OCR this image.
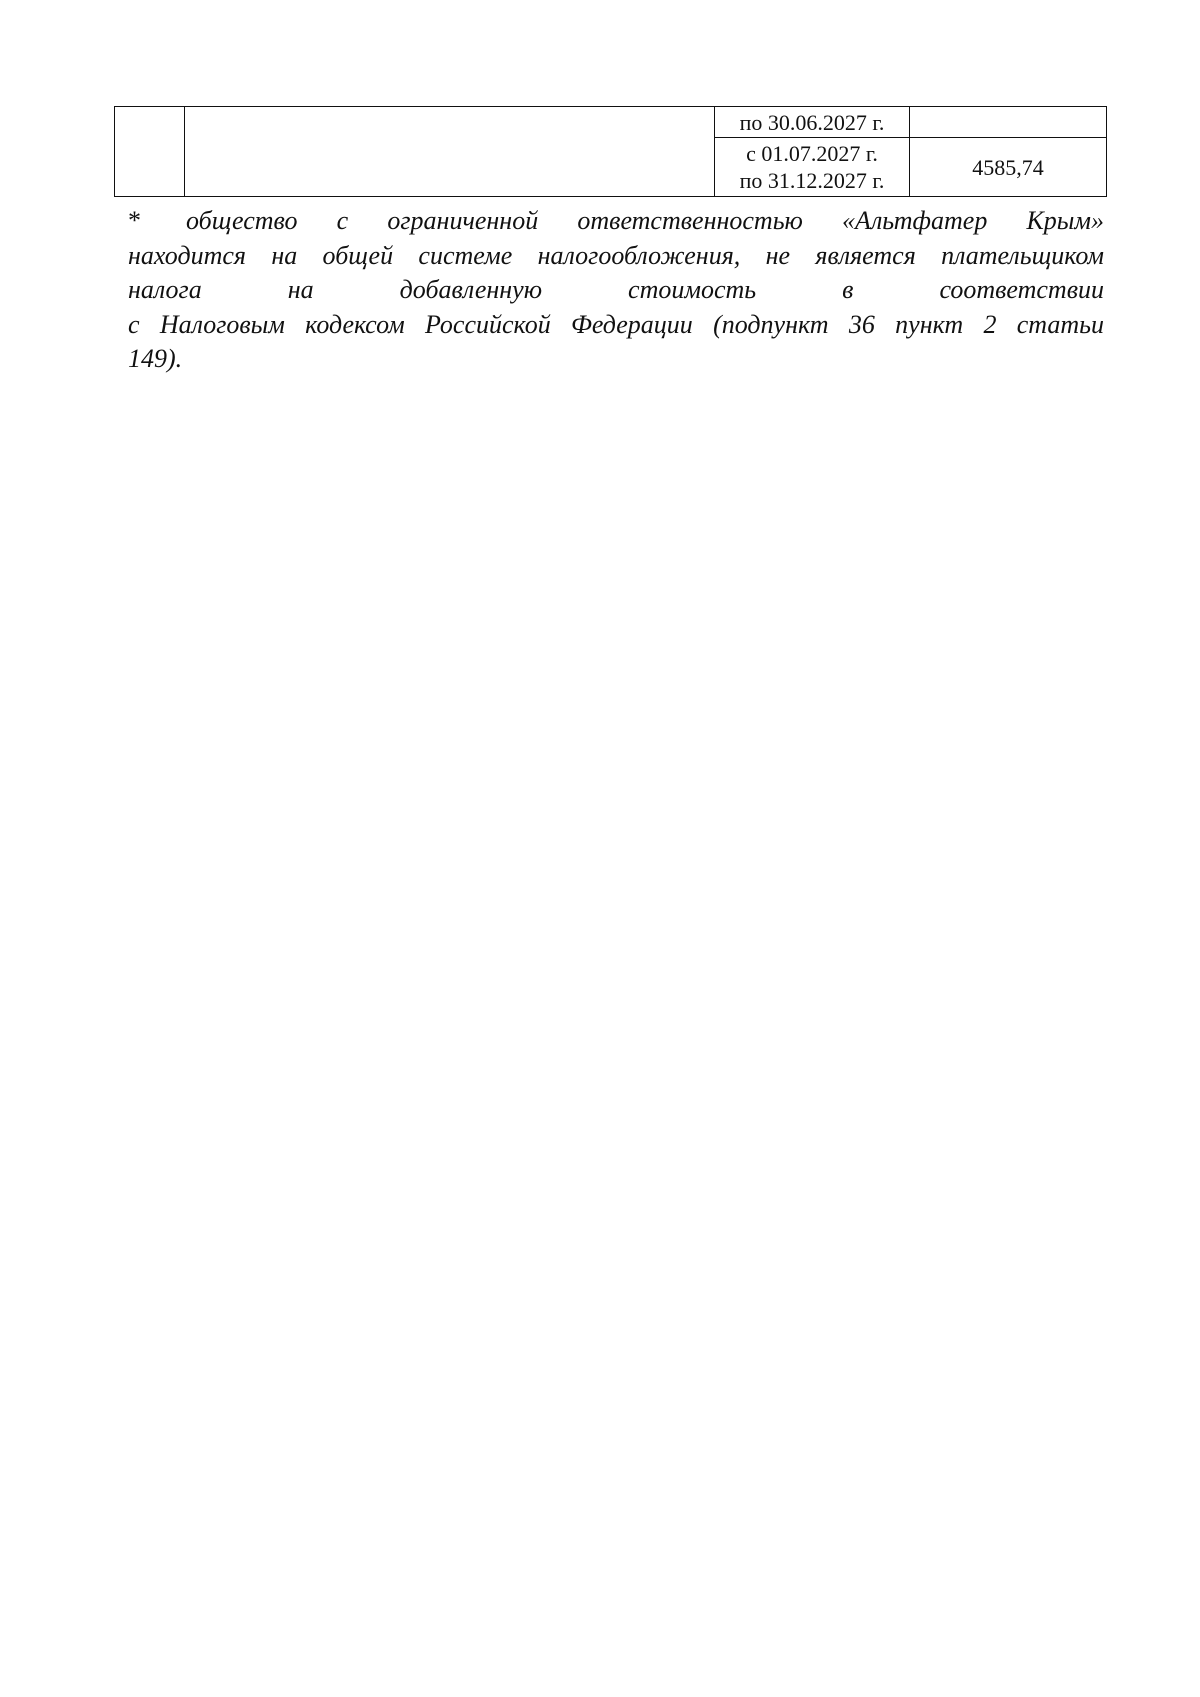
		по 30.06.2027 г.	

		с 01.07.2027 г.
по 31.12.2027 г.	4585,74
* общество с ограниченной ответственностью «Альтфатер Крым»
находится на общей системе налогообложения, не является плательщиком
налога на добавленную стоимость в соответствии
с Налоговым кодексом Российской Федерации (подпункт 36 пункт 2 статьи
149).
